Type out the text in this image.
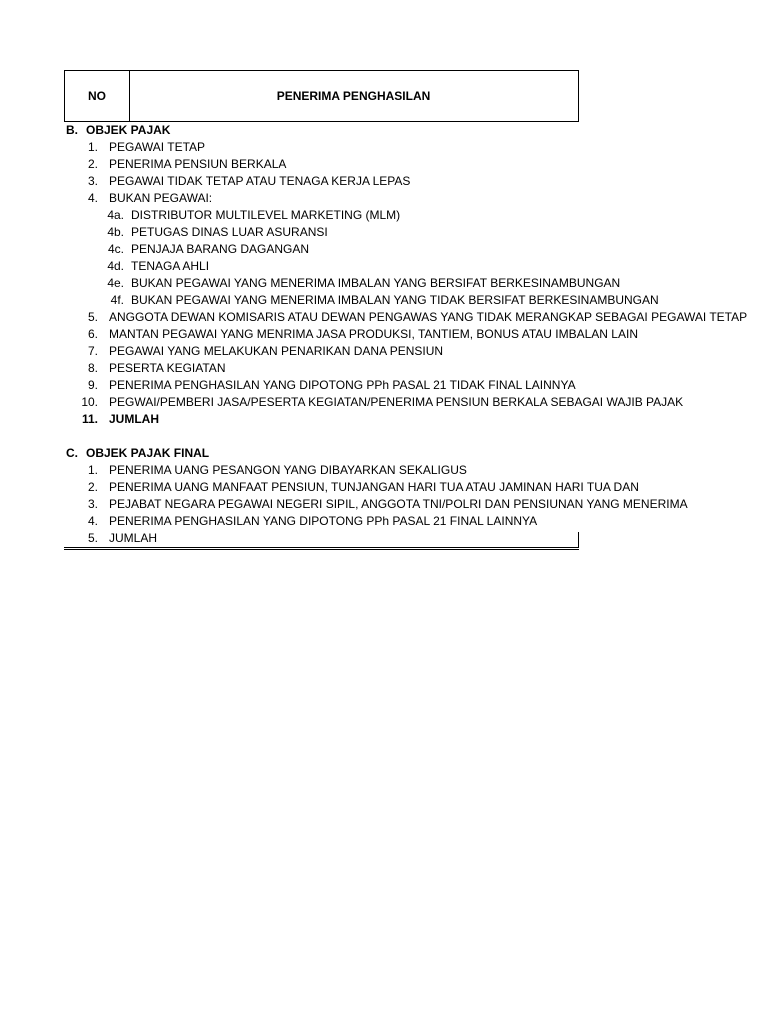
NO	PENERIMA PENGHASILAN
B. OBJEK PAJAK
1. PEGAWAI TETAP
2. PENERIMA PENSIUN BERKALA
3. PEGAWAI TIDAK TETAP ATAU TENAGA KERJA LEPAS
4. BUKAN PEGAWAI:
4a. DISTRIBUTOR MULTILEVEL MARKETING (MLM)
4b. PETUGAS DINAS LUAR ASURANSI
4c. PENJAJA BARANG DAGANGAN
4d. TENAGA AHLI
4e. BUKAN PEGAWAI YANG MENERIMA IMBALAN YANG BERSIFAT BERKESINAMBUNGAN
4f. BUKAN PEGAWAI YANG MENERIMA IMBALAN YANG TIDAK BERSIFAT BERKESINAMBUNGAN
5. ANGGOTA DEWAN KOMISARIS ATAU DEWAN PENGAWAS YANG TIDAK MERANGKAP SEBAGAI PEGAWAI TETAP
6. MANTAN PEGAWAI YANG MENRIMA JASA PRODUKSI, TANTIEM, BONUS ATAU IMBALAN LAIN
7. PEGAWAI YANG MELAKUKAN PENARIKAN DANA PENSIUN
8. PESERTA KEGIATAN
9. PENERIMA PENGHASILAN YANG DIPOTONG PPh PASAL 21 TIDAK FINAL LAINNYA
10. PEGWAI/PEMBERI JASA/PESERTA KEGIATAN/PENERIMA PENSIUN BERKALA SEBAGAI WAJIB PAJAK
11. JUMLAH
C. OBJEK PAJAK FINAL
1. PENERIMA UANG PESANGON YANG DIBAYARKAN SEKALIGUS
2. PENERIMA UANG MANFAAT PENSIUN, TUNJANGAN HARI TUA ATAU JAMINAN HARI TUA DAN
3. PEJABAT NEGARA PEGAWAI NEGERI SIPIL, ANGGOTA TNI/POLRI DAN PENSIUNAN YANG MENERIMA
4. PENERIMA PENGHASILAN YANG DIPOTONG PPh PASAL 21 FINAL LAINNYA
5. JUMLAH
